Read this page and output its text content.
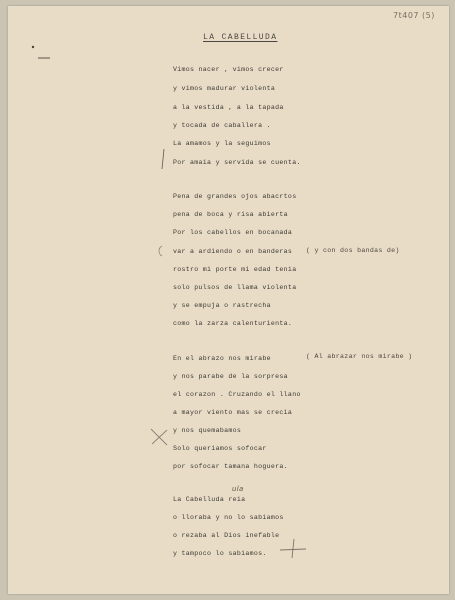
7t407 (5)
LA CABELLUDA
Vimos nacer , vimos crecer
y vimos madurar violenta
a la vestida , a la tapada
y tocada de caballera .
La amamos y la seguimos
Por amaia y servida se cuenta.
Pena de grandes ojos abacrtos
pena de boca y risa abierta
Por los cabellos en bocanada
var a ardiendo o en banderas
rostro mi porte mi edad tenia
solo pulsos de llama violenta
y se empuja o rastrecha
como la zarza calenturienta.
( y con dos bandas de)
En el abrazo nos mirabe
y nos parabe de la sorpresa
el corazon . Cruzando el llano
a mayor viento mas se crecia
y nos quemabamos
Solo queriamos sofocar
por sofocar tamana hoguera.
( Al abrazar nos mirabe )
La Cabelluda reia
o lloraba y no lo sabiamos
o rezaba al Dios inefable
y tampoco lo sabiamos.
ula
